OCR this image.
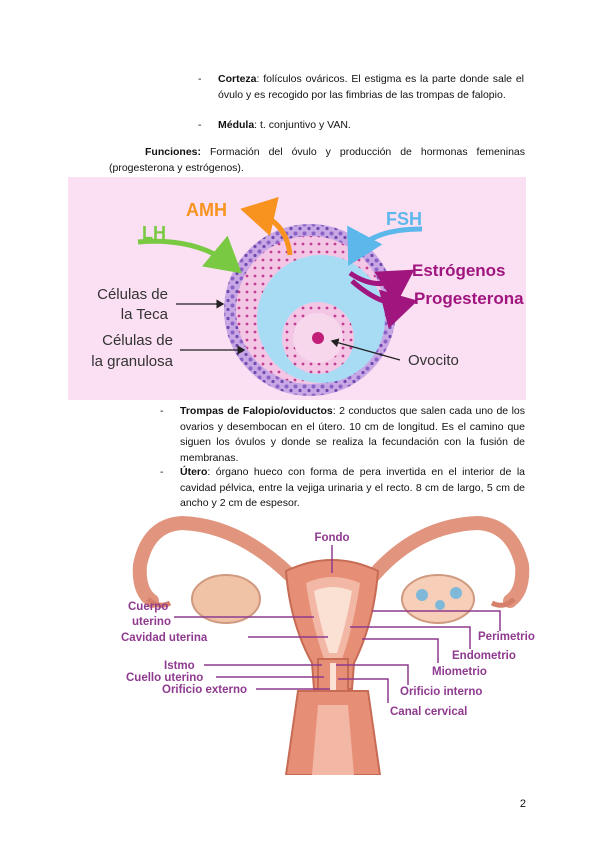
- Corteza: folículos ováricos. El estigma es la parte donde sale el óvulo y es recogido por las fimbrias de las trompas de falopio.
- Médula: t. conjuntivo y VAN.
Funciones: Formación del óvulo y producción de hormonas femeninas (progesterona y estrógenos).
LH
AMH	FSH
Estrógenos
Progesterona
Células de
la Teca
Células de
la granulosa	Ovocito
- Trompas de Falopio/oviductos: 2 conductos que salen cada uno de los ovarios y desembocan en el útero. 10 cm de longitud. Es el camino que siguen los óvulos y donde se realiza la fecundación con la fusión de membranas.
- Útero: órgano hueco con forma de pera invertida en el interior de la cavidad pélvica, entre la vejiga urinaria y el recto. 8 cm de largo, 5 cm de ancho y 2 cm de espesor.
Fondo
Cuerpo
uterino
Cavidad uterina
Istmo
Cuello uterino
Orificio externo
Perimetrio
Endometrio
Miometrio
Orificio interno
Canal cervical
2
